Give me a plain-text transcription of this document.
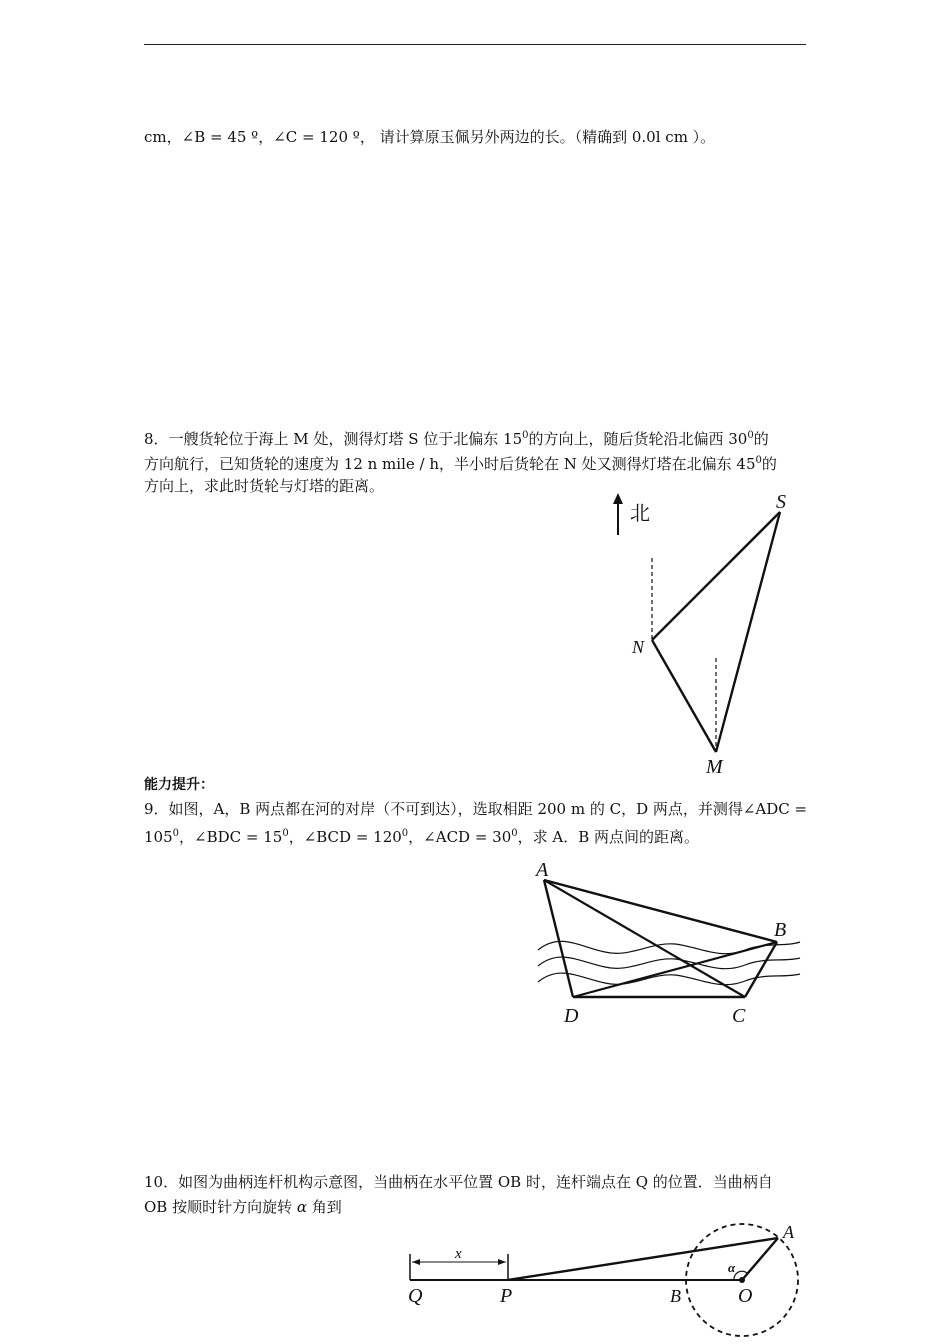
cm，∠B = 45 º，∠C = 120 º， 请计算原玉佩另外两边的长。（精确到 0.0l cm ）。
8．一艘货轮位于海上 M 处，测得灯塔 S 位于北偏东 $15^0$的方向上，随后货轮沿北偏西 $30^0$的
方向航行，已知货轮的速度为 12 n mile / h，半小时后货轮在 N 处又测得灯塔在北偏东 $45^0$的
方向上，求此时货轮与灯塔的距离。
北
S
N
M
能力提升：
9．如图，A，B 两点都在河的对岸（不可到达），选取相距 200 m 的 C，D 两点，并测得∠ADC =
$105^0$，∠BDC = $15^0$，∠BCD = $120^0$，∠ACD = $30^0$，求 A．B 两点间的距离。
A
B
C
D
10．如图为曲柄连杆机构示意图，当曲柄在水平位置 OB 时，连杆端点在 Q 的位置．当曲柄自
OB 按顺时针方向旋转 α 角到
x
α
Q	P	B	O
A
